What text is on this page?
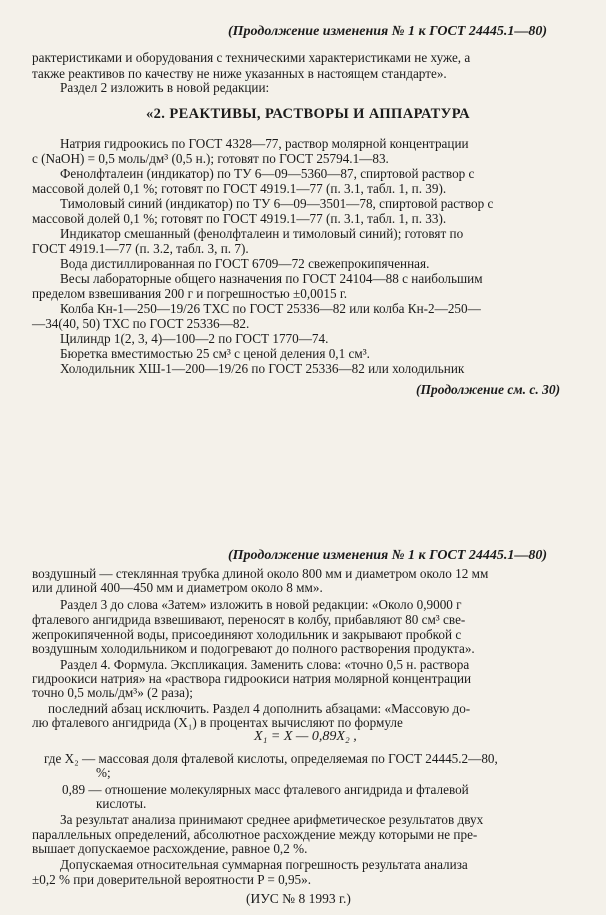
(Продолжение изменения № 1 к ГОСТ 24445.1—80)
рактеристиками и оборудования с техническими характеристиками не хуже, а
также реактивов по качеству не ниже указанных в настоящем стандарте».
Раздел 2 изложить в новой редакции:
«2. РЕАКТИВЫ, РАСТВОРЫ И АППАРАТУРА
Натрия гидроокись по ГОСТ 4328—77, раствор молярной концентрации
с (NaOH) = 0,5 моль/дм³ (0,5 н.); готовят по ГОСТ 25794.1—83.
Фенолфталеин (индикатор) по ТУ 6—09—5360—87, спиртовой раствор с
массовой долей 0,1 %; готовят по ГОСТ 4919.1—77 (п. 3.1, табл. 1, п. 39).
Тимоловый синий (индикатор) по ТУ 6—09—3501—78, спиртовой раствор с
массовой долей 0,1 %; готовят по ГОСТ 4919.1—77 (п. 3.1, табл. 1, п. 33).
Индикатор смешанный (фенолфталеин и тимоловый синий); готовят по
ГОСТ 4919.1—77 (п. 3.2, табл. 3, п. 7).
Вода дистиллированная по ГОСТ 6709—72 свежепрокипяченная.
Весы лабораторные общего назначения по ГОСТ 24104—88 с наибольшим
пределом взвешивания 200 г и погрешностью ±0,0015 г.
Колба Кн-1—250—19/26 ТХС по ГОСТ 25336—82 или колба Кн-2—250—
—34(40, 50) ТХС по ГОСТ 25336—82.
Цилиндр 1(2, 3, 4)—100—2 по ГОСТ 1770—74.
Бюретка вместимостью 25 см³ с ценой деления 0,1 см³.
Холодильник ХШ-1—200—19/26 по ГОСТ 25336—82 или холодильник
(Продолжение см. с. 30)
(Продолжение изменения № 1 к ГОСТ 24445.1—80)
воздушный — стеклянная трубка длиной около 800 мм и диаметром около 12 мм
или длиной 400—450 мм и диаметром около 8 мм».
Раздел 3 до слова «Затем» изложить в новой редакции: «Около 0,9000 г
фталевого ангидрида взвешивают, переносят в колбу, прибавляют 80 см³ све-
жепрокипяченной воды, присоединяют холодильник и закрывают пробкой с
воздушным холодильником и подогревают до полного растворения продукта».
Раздел 4. Формула. Экспликация. Заменить слова: «точно 0,5 н. раствора
гидроокиси натрия» на «раствора гидроокиси натрия молярной концентрации
точно 0,5 моль/дм³» (2 раза);
последний абзац исключить. Раздел 4 дополнить абзацами: «Массовую до-
лю фталевого ангидрида (X₁) в процентах вычисляют по формуле
X₁ = X — 0,89X₂ ,
где X₂ — массовая доля фталевой кислоты, определяемая по ГОСТ 24445.2—80,
%;
0,89 — отношение молекулярных масс фталевого ангидрида и фталевой
кислоты.
За результат анализа принимают среднее арифметическое результатов двух
параллельных определений, абсолютное расхождение между которыми не пре-
вышает допускаемое расхождение, равное 0,2 %.
Допускаемая относительная суммарная погрешность результата анализа
±0,2 % при доверительной вероятности P = 0,95».
(ИУС № 8 1993 г.)
